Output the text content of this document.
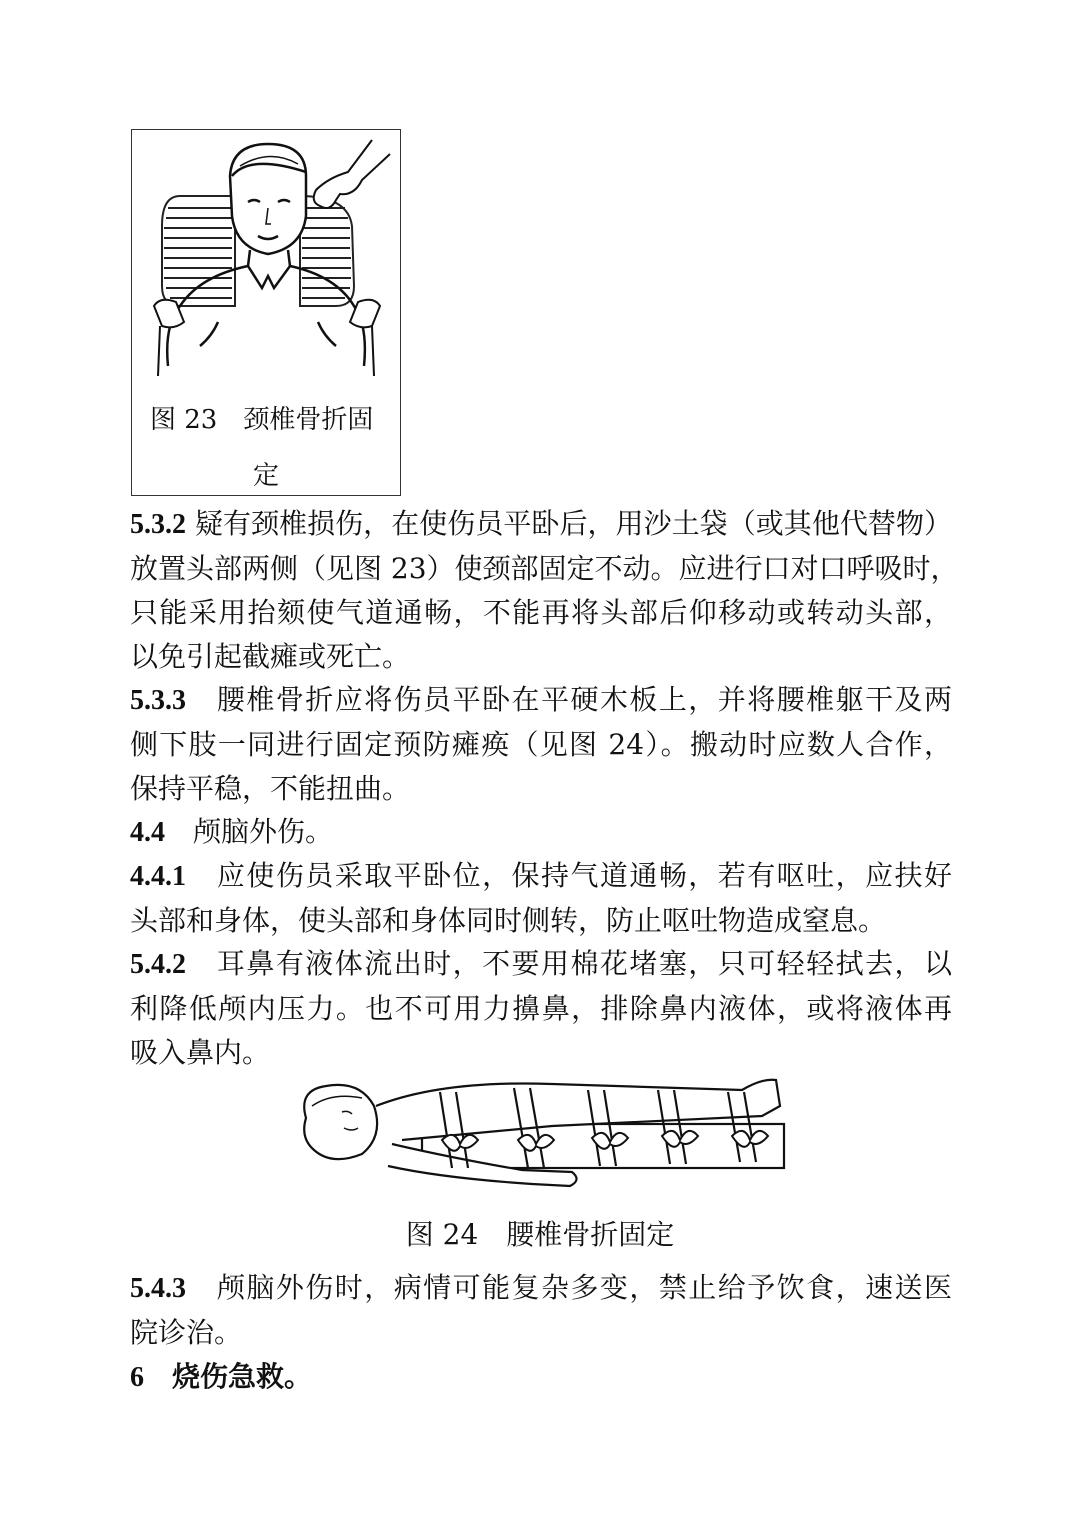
图 23　颈椎骨折固
定
5.3.2 疑有颈椎损伤，在使伤员平卧后，用沙土袋（或其他代替物）
放置头部两侧（见图 23）使颈部固定不动。应进行口对口呼吸时，
只能采用抬颏使气道通畅，不能再将头部后仰移动或转动头部，
以免引起截瘫或死亡。
5.3.3　腰椎骨折应将伤员平卧在平硬木板上，并将腰椎躯干及两
侧下肢一同进行固定预防瘫痪（见图 24）。搬动时应数人合作，
保持平稳，不能扭曲。
4.4　颅脑外伤。
4.4.1　应使伤员采取平卧位，保持气道通畅，若有呕吐，应扶好
头部和身体，使头部和身体同时侧转，防止呕吐物造成窒息。
5.4.2　耳鼻有液体流出时，不要用棉花堵塞，只可轻轻拭去，以
利降低颅内压力。也不可用力擤鼻，排除鼻内液体，或将液体再
吸入鼻内。
图 24　腰椎骨折固定
5.4.3　颅脑外伤时，病情可能复杂多变，禁止给予饮食，速送医
院诊治。
6　烧伤急救。
